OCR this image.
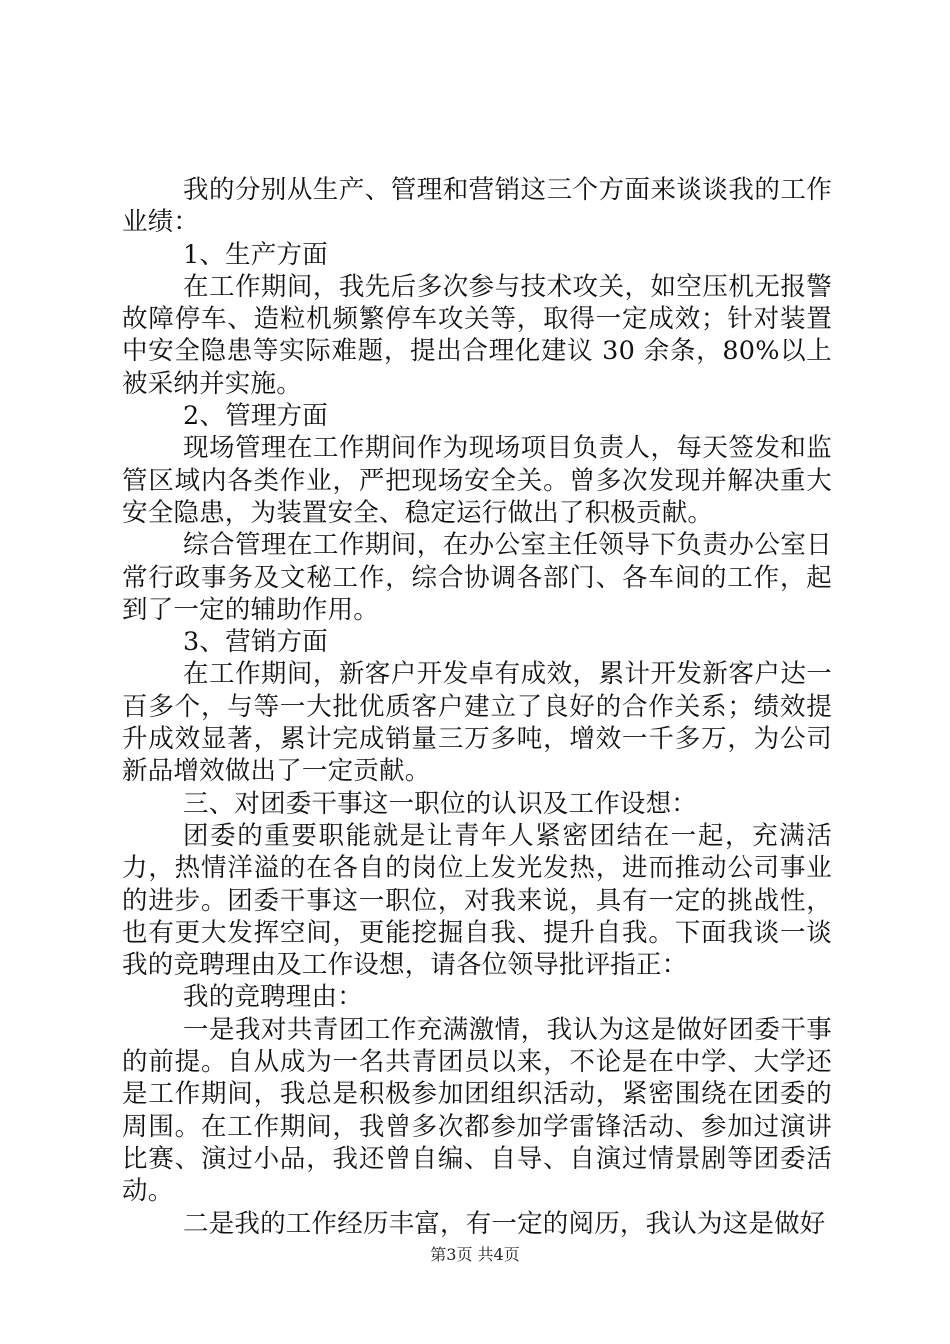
我的分别从生产、管理和营销这三个方面来谈谈我的工作业绩：

1、生产方面

在工作期间，我先后多次参与技术攻关，如空压机无报警故障停车、造粒机频繁停车攻关等，取得一定成效；针对装置中安全隐患等实际难题，提出合理化建议 30 余条，80%以上被采纳并实施。

2、管理方面

现场管理在工作期间作为现场项目负责人，每天签发和监管区域内各类作业，严把现场安全关。曾多次发现并解决重大安全隐患，为装置安全、稳定运行做出了积极贡献。

综合管理在工作期间，在办公室主任领导下负责办公室日常行政事务及文秘工作，综合协调各部门、各车间的工作，起到了一定的辅助作用。

3、营销方面

在工作期间，新客户开发卓有成效，累计开发新客户达一百多个，与等一大批优质客户建立了良好的合作关系；绩效提升成效显著，累计完成销量三万多吨，增效一千多万，为公司新品增效做出了一定贡献。

三、对团委干事这一职位的认识及工作设想：

团委的重要职能就是让青年人紧密团结在一起，充满活力，热情洋溢的在各自的岗位上发光发热，进而推动公司事业的进步。团委干事这一职位，对我来说，具有一定的挑战性，也有更大发挥空间，更能挖掘自我、提升自我。下面我谈一谈我的竞聘理由及工作设想，请各位领导批评指正：

我的竞聘理由：

一是我对共青团工作充满激情，我认为这是做好团委干事的前提。自从成为一名共青团员以来，不论是在中学、大学还是工作期间，我总是积极参加团组织活动，紧密围绕在团委的周围。在工作期间，我曾多次都参加学雷锋活动、参加过演讲比赛、演过小品，我还曾自编、自导、自演过情景剧等团委活动。

二是我的工作经历丰富，有一定的阅历，我认为这是做好

第3页 共4页
